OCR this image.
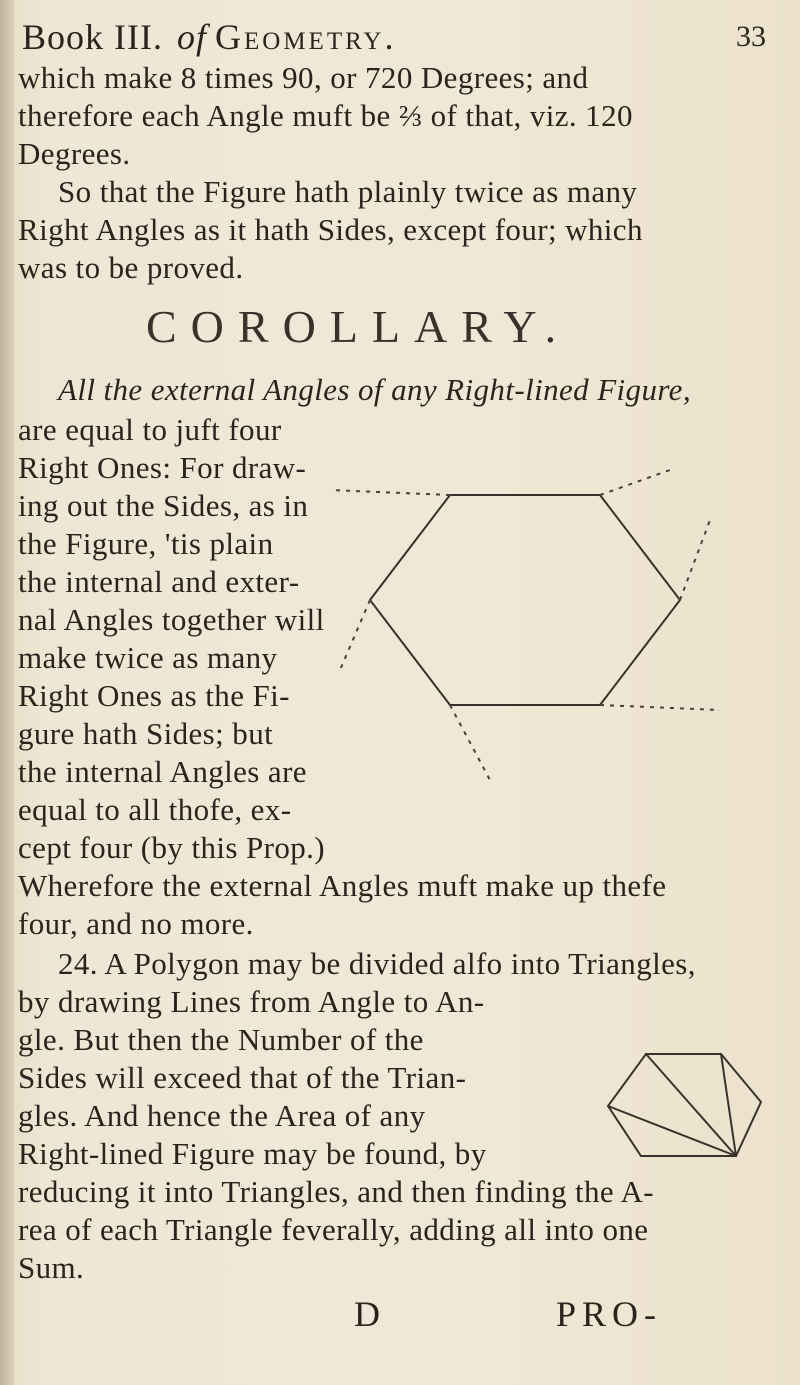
Book III. of Geometry.	33
which make 8 times 90, or 720 Degrees; and
therefore each Angle muft be ⅔ of that, viz. 120
Degrees.
So that the Figure hath plainly twice as many
Right Angles as it hath Sides, except four; which
was to be proved.
COROLLARY.
All the external Angles of any Right-lined Figure,
are equal to juft four
Right Ones: For draw-
ing out the Sides, as in
the Figure, 'tis plain
the internal and exter-
nal Angles together will
make twice as many
Right Ones as the Fi-
gure hath Sides; but
the internal Angles are
equal to all thofe, ex-
cept four (by this Prop.)
Wherefore the external Angles muft make up thefe
four, and no more.
24. A Polygon may be divided alfo into Triangles,
by drawing Lines from Angle to An-
gle. But then the Number of the
Sides will exceed that of the Trian-
gles. And hence the Area of any
Right-lined Figure may be found, by
reducing it into Triangles, and then finding the A-
rea of each Triangle feverally, adding all into one
Sum.
D	PRO-
